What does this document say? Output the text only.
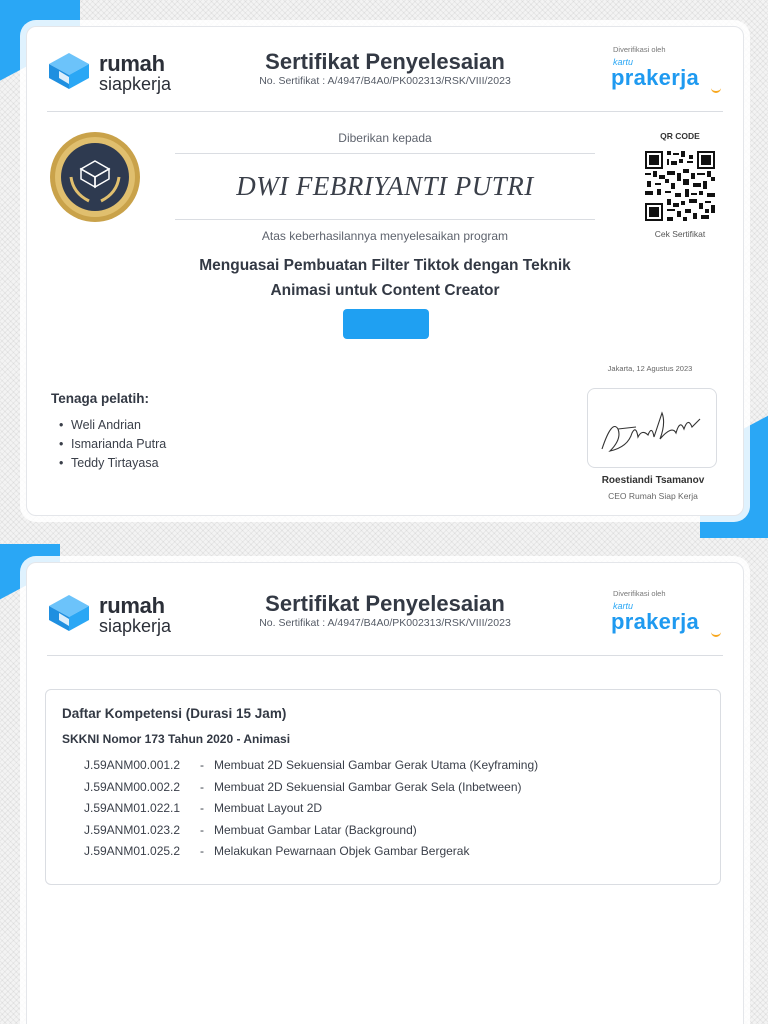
rumah
siapkerja
Sertifikat Penyelesaian
No. Sertifikat : A/4947/B4A0/PK002313/RSK/VIII/2023
Diverifikasi oleh
kartu
prakerja
Diberikan kepada
DWI FEBRIYANTI PUTRI
Atas keberhasilannya menyelesaikan program
Menguasai Pembuatan Filter Tiktok dengan Teknik
Animasi untuk Content Creator
QR CODE
Cek Sertifikat
Jakarta, 12 Agustus 2023
Roestiandi Tsamanov
CEO Rumah Siap Kerja
Tenaga pelatih:
• Weli Andrian
• Ismarianda Putra
• Teddy Tirtayasa
rumah
siapkerja
Sertifikat Penyelesaian
No. Sertifikat : A/4947/B4A0/PK002313/RSK/VIII/2023
Diverifikasi oleh
kartu
prakerja
Daftar Kompetensi (Durasi 15 Jam)
SKKNI Nomor 173 Tahun 2020 - Animasi
J.59ANM00.001.2 - Membuat 2D Sekuensial Gambar Gerak Utama (Keyframing)
J.59ANM00.002.2 - Membuat 2D Sekuensial Gambar Gerak Sela (Inbetween)
J.59ANM01.022.1 - Membuat Layout 2D
J.59ANM01.023.2 - Membuat Gambar Latar (Background)
J.59ANM01.025.2 - Melakukan Pewarnaan Objek Gambar Bergerak
